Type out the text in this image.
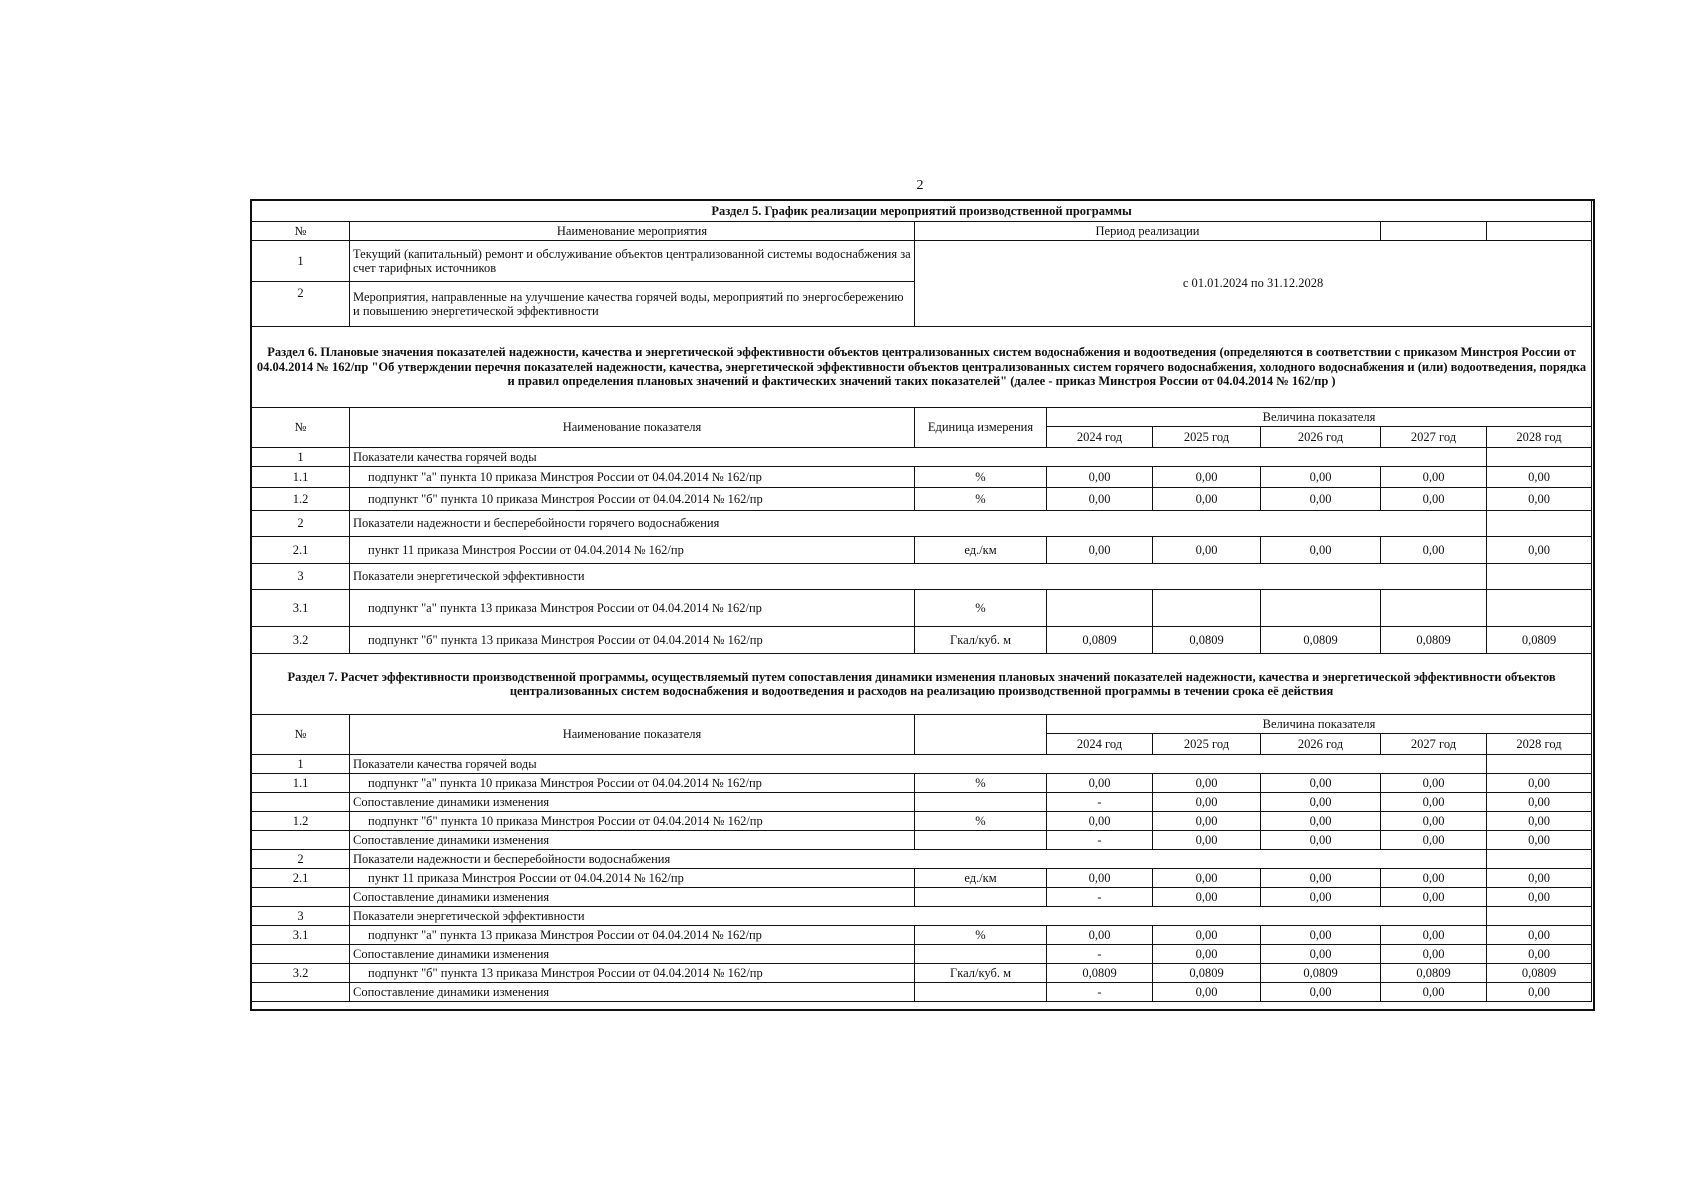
2
Раздел 5. График реализации мероприятий производственной программы							
№	Наименование мероприятия	Период реализации					
1	Текущий (капитальный) ремонт и обслуживание объектов централизованной системы водоснабжения за счет тарифных источников	с 01.01.2024 по 31.12.2028					
2	Мероприятия, направленные на улучшение качества горячей воды, мероприятий по энергосбережению и повышению энергетической эффективности						
Раздел 6. Плановые значения показателей надежности, качества и энергетической эффективности объектов централизованных систем водоснабжения и водоотведения (определяются в соответствии с приказом Минстроя России от 04.04.2014 № 162/пр "Об утверждении перечня показателей надежности, качества, энергетической эффективности объектов централизованных систем горячего водоснабжения, холодного водоснабжения и (или) водоотведения, порядка и правил определения плановых значений и фактических значений таких показателей" (далее - приказ Минстроя России от 04.04.2014 № 162/пр )							
№	Наименование показателя	Единица измерения	Величина показателя				
			2024 год	2025 год	2026 год	2027 год	2028 год
1	Показатели качества горячей воды						
1.1	подпункт "а" пункта 10 приказа Минстроя России от 04.04.2014 № 162/пр	%	0,00	0,00	0,00	0,00	0,00
1.2	подпункт "б" пункта 10 приказа Минстроя России от 04.04.2014 № 162/пр	%	0,00	0,00	0,00	0,00	0,00
2	Показатели надежности и бесперебойности горячего водоснабжения						
2.1	пункт 11 приказа Минстроя России от 04.04.2014 № 162/пр	ед./км	0,00	0,00	0,00	0,00	0,00
3	Показатели энергетической эффективности						
3.1	подпункт "а" пункта 13 приказа Минстроя России от 04.04.2014 № 162/пр	%					
3.2	подпункт "б" пункта 13 приказа Минстроя России от 04.04.2014 № 162/пр	Гкал/куб. м	0,0809	0,0809	0,0809	0,0809	0,0809
Раздел 7. Расчет эффективности производственной программы, осуществляемый путем сопоставления динамики изменения плановых значений показателей надежности, качества и энергетической эффективности объектов централизованных систем водоснабжения и водоотведения и расходов на реализацию производственной программы в течении срока её действия							
№	Наименование показателя		Величина показателя				
			2024 год	2025 год	2026 год	2027 год	2028 год
1	Показатели качества горячей воды						
1.1	подпункт "а" пункта 10 приказа Минстроя России от 04.04.2014 № 162/пр	%	0,00	0,00	0,00	0,00	0,00
	Сопоставление динамики изменения		-	0,00	0,00	0,00	0,00
1.2	подпункт "б" пункта 10 приказа Минстроя России от 04.04.2014 № 162/пр	%	0,00	0,00	0,00	0,00	0,00
	Сопоставление динамики изменения		-	0,00	0,00	0,00	0,00
2	Показатели надежности и бесперебойности водоснабжения						
2.1	пункт 11 приказа Минстроя России от 04.04.2014 № 162/пр	ед./км	0,00	0,00	0,00	0,00	0,00
	Сопоставление динамики изменения		-	0,00	0,00	0,00	0,00
3	Показатели энергетической эффективности						
3.1	подпункт "а" пункта 13 приказа Минстроя России от 04.04.2014 № 162/пр	%	0,00	0,00	0,00	0,00	0,00
	Сопоставление динамики изменения		-	0,00	0,00	0,00	0,00
3.2	подпункт "б" пункта 13 приказа Минстроя России от 04.04.2014 № 162/пр	Гкал/куб. м	0,0809	0,0809	0,0809	0,0809	0,0809
	Сопоставление динамики изменения		-	0,00	0,00	0,00	0,00
